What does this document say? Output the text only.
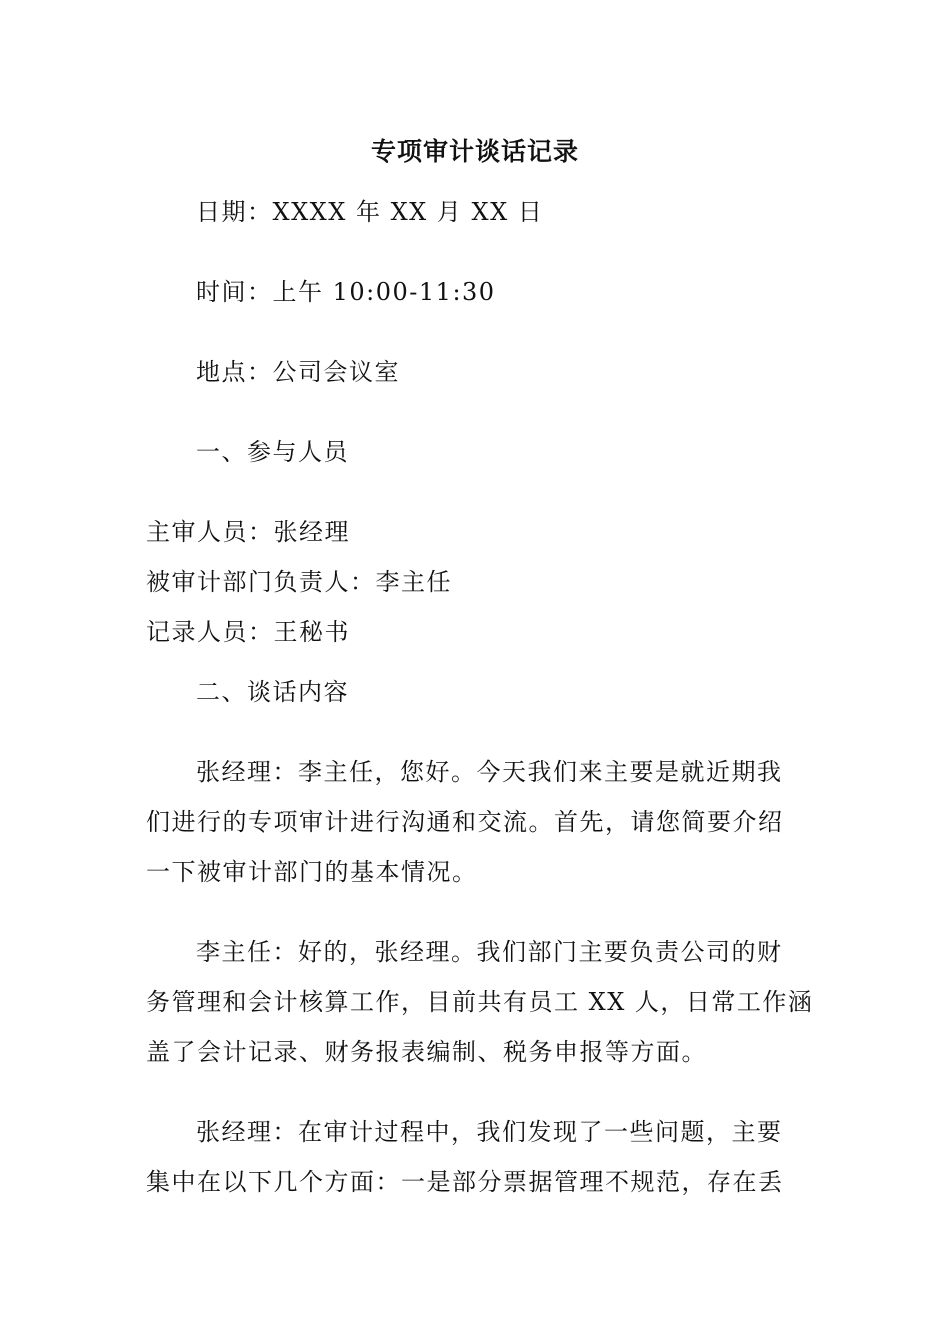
专项审计谈话记录
日期：XXXX 年 XX 月 XX 日
时间：上午 10:00-11:30
地点：公司会议室
一、参与人员
主审人员：张经理
被审计部门负责人：李主任
记录人员：王秘书
二、谈话内容
张经理：李主任，您好。今天我们来主要是就近期我
们进行的专项审计进行沟通和交流。首先，请您简要介绍
一下被审计部门的基本情况。
李主任：好的，张经理。我们部门主要负责公司的财
务管理和会计核算工作，目前共有员工 XX 人，日常工作涵
盖了会计记录、财务报表编制、税务申报等方面。
张经理：在审计过程中，我们发现了一些问题，主要
集中在以下几个方面：一是部分票据管理不规范，存在丢
